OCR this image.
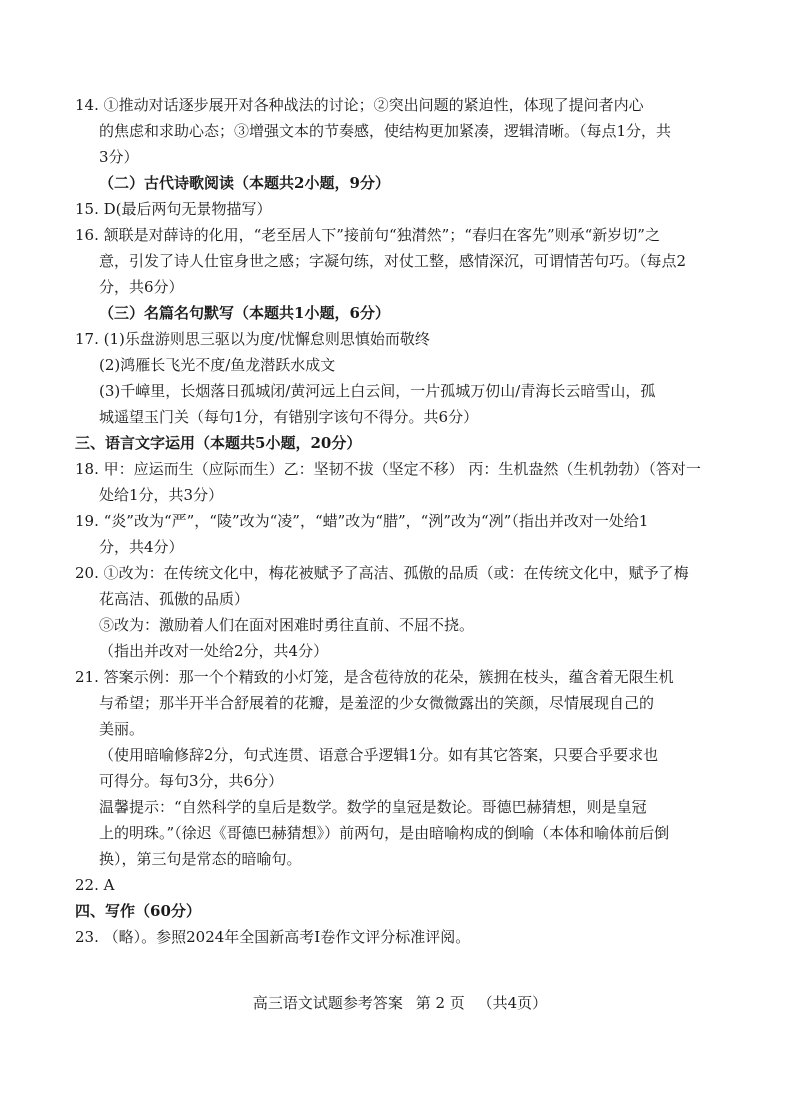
14. ①推动对话逐步展开对各种战法的讨论；②突出问题的紧迫性，体现了提问者内心
的焦虑和求助心态；③增强文本的节奏感，使结构更加紧凑，逻辑清晰。（每点1分，共
3分）
（二）古代诗歌阅读（本题共2小题，9分）
15. D(最后两句无景物描写）
16. 颔联是对薛诗的化用，“老至居人下”接前句“独潸然”；“春归在客先”则承“新岁切”之
意，引发了诗人仕宦身世之感；字凝句练，对仗工整，感情深沉，可谓情苦句巧。（每点2
分，共6分）
（三）名篇名句默写（本题共1小题，6分）
17. (1)乐盘游则思三驱以为度/忧懈怠则思慎始而敬终
(2)鸿雁长飞光不度/鱼龙潜跃水成文
(3)千嶂里，长烟落日孤城闭/黄河远上白云间，一片孤城万仞山/青海长云暗雪山，孤
城遥望玉门关（每句1分，有错别字该句不得分。共6分）
三、语言文字运用（本题共5小题，20分）
18. 甲：应运而生（应际而生）乙：坚韧不拔（坚定不移） 丙：生机盎然（生机勃勃）（答对一
处给1分，共3分）
19. “炎”改为“严”，“陵”改为“凌”，“蜡”改为“腊”，“洌”改为“冽”（指出并改对一处给1
分，共4分）
20. ①改为：在传统文化中，梅花被赋予了高洁、孤傲的品质（或：在传统文化中，赋予了梅
花高洁、孤傲的品质）
⑤改为：激励着人们在面对困难时勇往直前、不屈不挠。
（指出并改对一处给2分，共4分）
21. 答案示例：那一个个精致的小灯笼，是含苞待放的花朵，簇拥在枝头，蕴含着无限生机
与希望；那半开半合舒展着的花瓣，是羞涩的少女微微露出的笑颜，尽情展现自己的
美丽。
（使用暗喻修辞2分，句式连贯、语意合乎逻辑1分。如有其它答案，只要合乎要求也
可得分。每句3分，共6分）
温馨提示：“自然科学的皇后是数学。数学的皇冠是数论。哥德巴赫猜想，则是皇冠
上的明珠。”（徐迟《哥德巴赫猜想》）前两句，是由暗喻构成的倒喻（本体和喻体前后倒
换），第三句是常态的暗喻句。
22. A
四、写作（60分）
23. （略）。参照2024年全国新高考Ⅰ卷作文评分标准评阅。
高三语文试题参考答案 第 2 页 （共4页）
